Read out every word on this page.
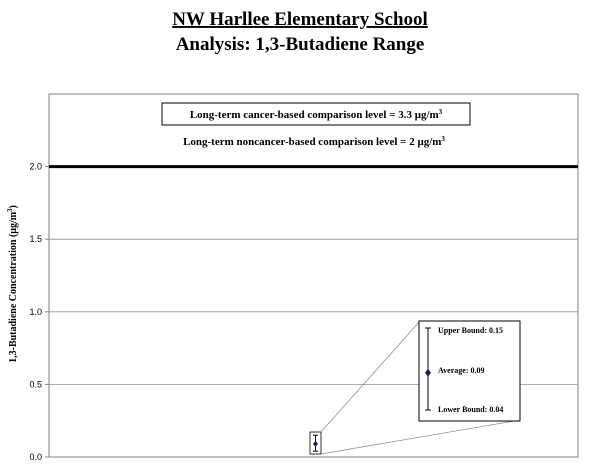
NW Harllee Elementary School
Analysis: 1,3-Butadiene Range
1,3-Butadiene Concentration $(\mu g/m^3)$
0.0
0.5
1.0
1.5
2.0
Long-term cancer-based comparison level = 3.3 $\mu g/m^3$
Long-term noncancer-based comparison level = 2 $\mu g/m^3$
Upper Bound: 0.15
Average: 0.09
Lower Bound: 0.04
